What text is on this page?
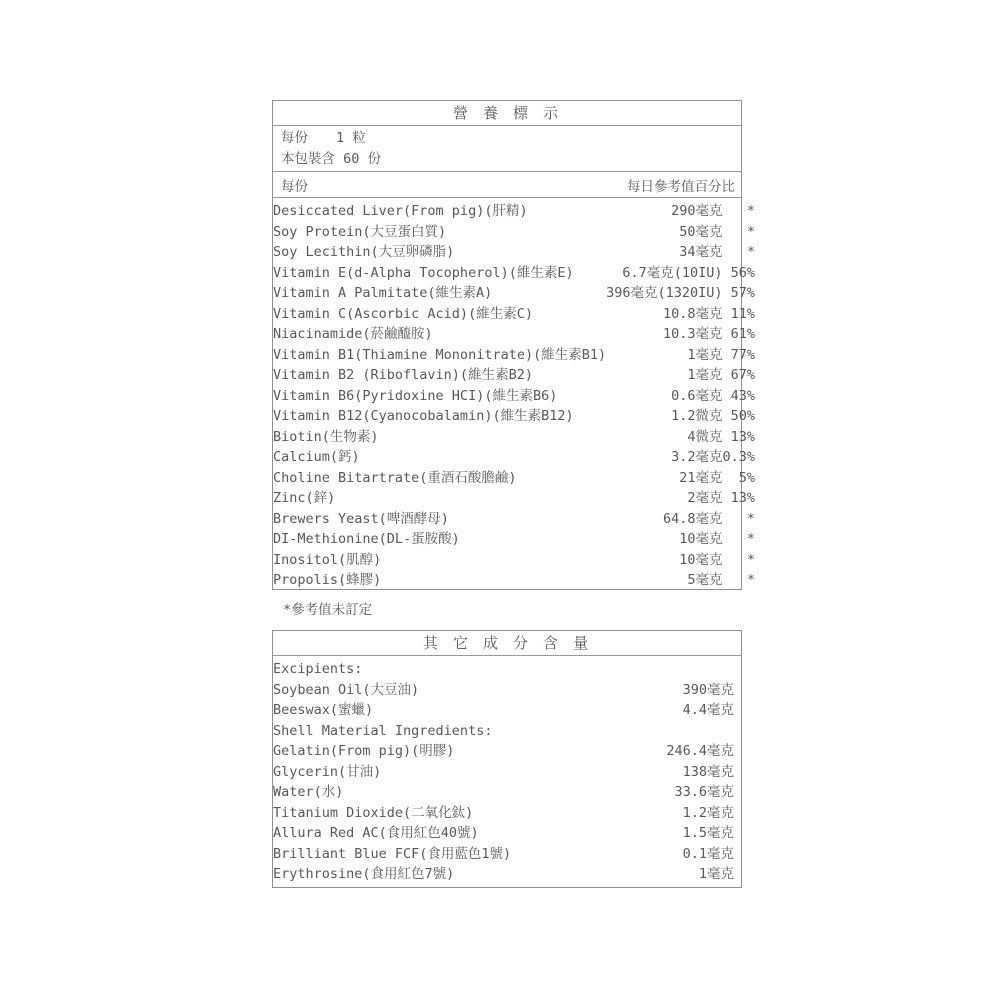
營 養 標 示
每份 1 粒
本包裝含 60 份
每份	每日參考值百分比
Desiccated Liver(From pig)(肝精)	290毫克	*
Soy Protein(大豆蛋白質)	50毫克	*
Soy Lecithin(大豆卵磷脂)	34毫克	*
Vitamin E(d-Alpha Tocopherol)(維生素E)	6.7毫克(10IU)	56%
Vitamin A Palmitate(維生素A)	396毫克(1320IU)	57%
Vitamin C(Ascorbic Acid)(維生素C)	10.8毫克	11%
Niacinamide(菸鹼醯胺)	10.3毫克	61%
Vitamin B1(Thiamine Mononitrate)(維生素B1)	1毫克	77%
Vitamin B2 (Riboflavin)(維生素B2)	1毫克	67%
Vitamin B6(Pyridoxine HCI)(維生素B6)	0.6毫克	43%
Vitamin B12(Cyanocobalamin)(維生素B12)	1.2微克	50%
Biotin(生物素)	4微克	13%
Calcium(鈣)	3.2毫克	0.3%
Choline Bitartrate(重酒石酸膽鹼)	21毫克	5%
Zinc(鋅)	2毫克	13%
Brewers Yeast(啤酒酵母)	64.8毫克	*
DI-Methionine(DL-蛋胺酸)	10毫克	*
Inositol(肌醇)	10毫克	*
Propolis(蜂膠)	5毫克	*
*參考值未訂定
其 它 成 分 含 量
Excipients:	
Soybean Oil(大豆油)	390毫克
Beeswax(蜜蠟)	4.4毫克
Shell Material Ingredients:	
Gelatin(From pig)(明膠)	246.4毫克
Glycerin(甘油)	138毫克
Water(水)	33.6毫克
Titanium Dioxide(二氧化鈦)	1.2毫克
Allura Red AC(食用紅色40號)	1.5毫克
Brilliant Blue FCF(食用藍色1號)	0.1毫克
Erythrosine(食用紅色7號)	1毫克
